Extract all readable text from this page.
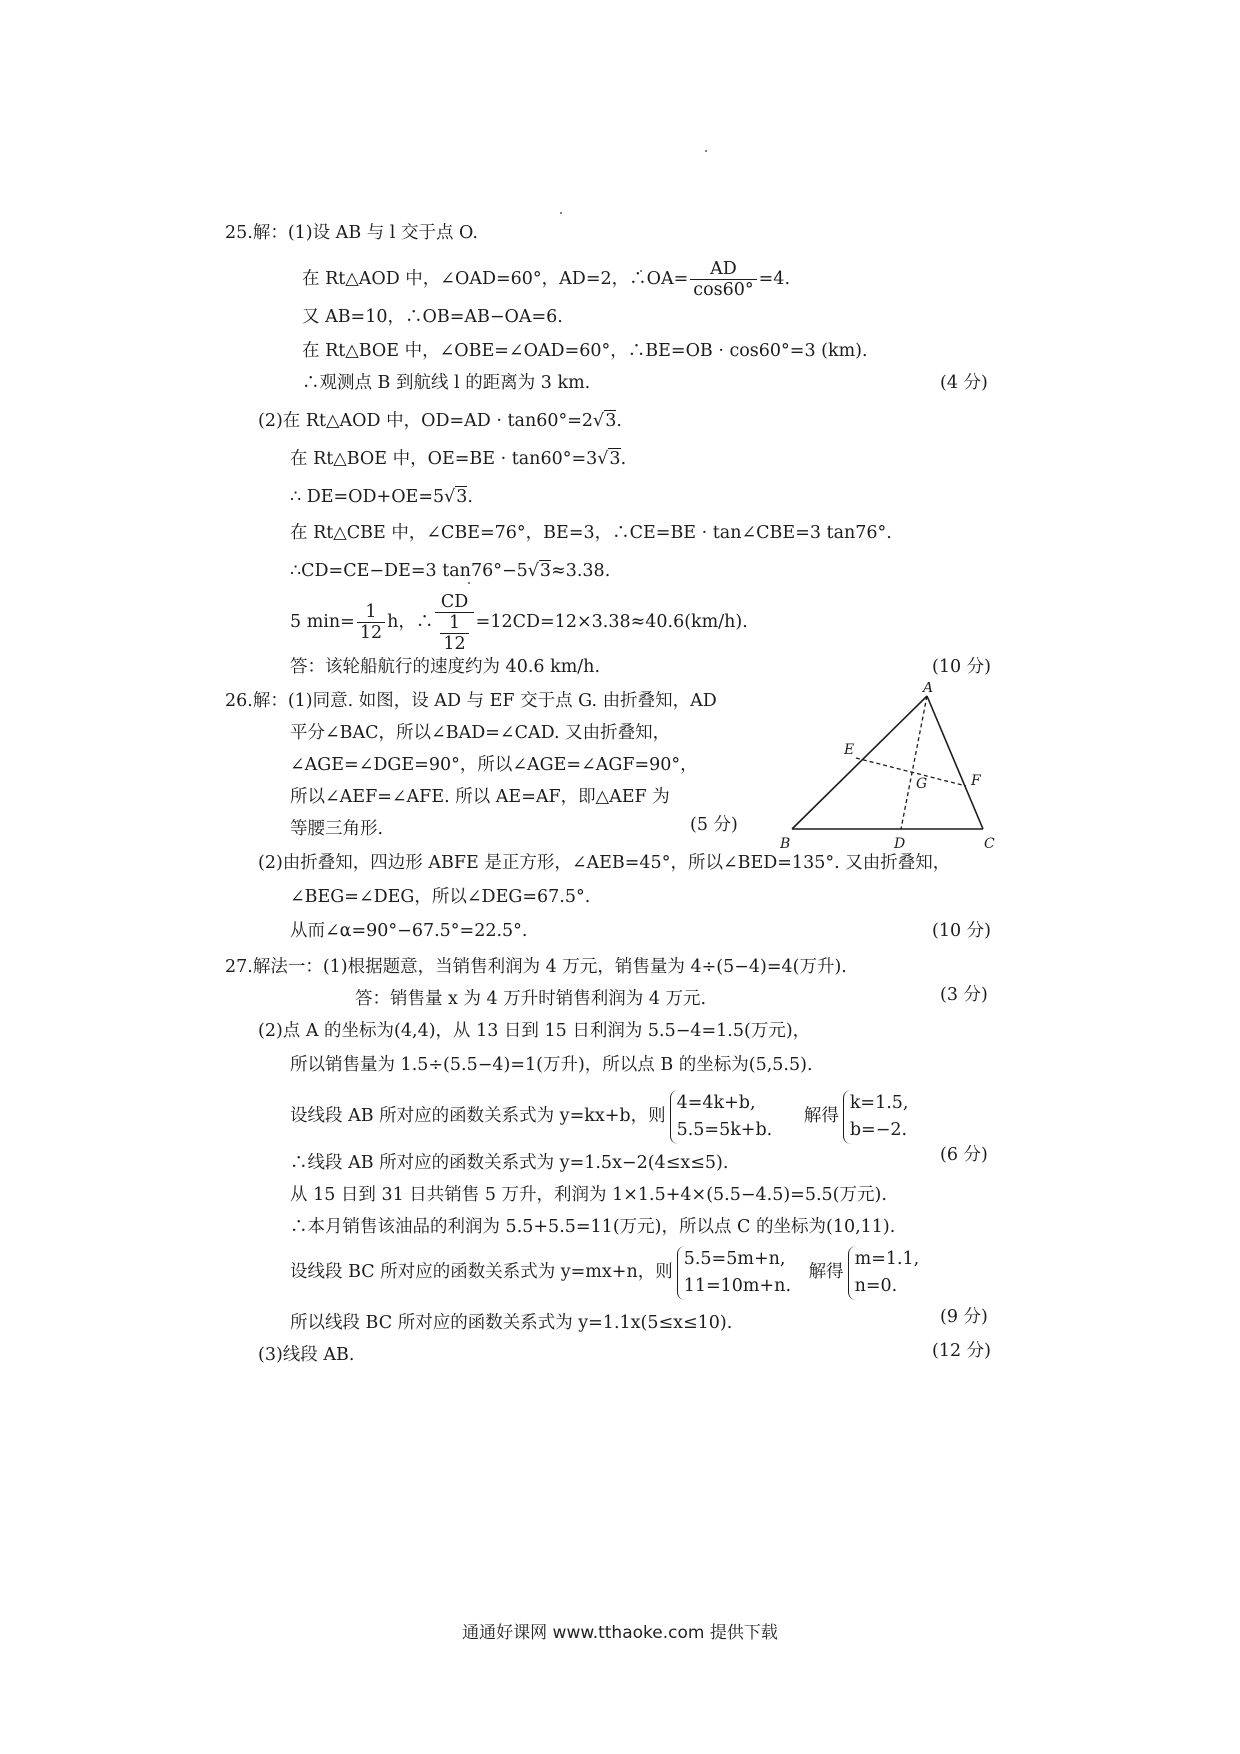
25.解：(1)设 AB 与 l 交于点 O.
在 Rt△AOD 中，∠OAD=60°，AD=2，∴OA= $\frac{AD}{\cos 60^\circ} =4$.
又 AB=10，∴OB=AB−OA=6.
在 Rt△BOE 中，∠OBE=∠OAD=60°，∴BE=OB · cos60°=3 (km).
∴观测点 B 到航线 l 的距离为 3 km.	(4 分)
(2)在 Rt△AOD 中，OD=AD · tan60°=2√3.
在 Rt△BOE 中，OE=BE · tan60°=3√3.
∴ DE=OD+OE=5√3.
在 Rt△CBE 中，∠CBE=76°，BE=3，∴CE=BE · tan∠CBE=3 tan76°.
∴CD=CE−DE=3 tan76°−5√3≈3.38.
5 $\min= \frac{1}{12}$ h，∴ $\frac{CD}{\frac{1}{12}} =12CD=12\times 3.38\approx 40.6(km/h)$.
答：该轮船航行的速度约为 40.6 km/h.	(10 分)
26.解：(1)同意. 如图，设 AD 与 EF 交于点 G. 由折叠知，AD
平分∠BAC，所以∠BAD=∠CAD. 又由折叠知，
∠AGE=∠DGE=90°，所以∠AGE=∠AGF=90°，
所以∠AEF=∠AFE. 所以 AE=AF，即△AEF 为
等腰三角形.	(5 分)
A
B	C
D
E
F
G
(2)由折叠知，四边形 ABFE 是正方形，∠AEB=45°，所以∠BED=135°. 又由折叠知，
∠BEG=∠DEG，所以∠DEG=67.5°.
从而∠α=90°−67.5°=22.5°.	(10 分)
27.解法一：(1)根据题意，当销售利润为 4 万元，销售量为 4÷(5−4)=4(万升).
答：销售量 x 为 4 万升时销售利润为 4 万元.	(3 分)
(2)点 A 的坐标为(4,4)，从 13 日到 15 日利润为 5.5−4=1.5(万元)，
所以销售量为 1.5÷(5.5−4)=1(万升)，所以点 B 的坐标为(5,5.5).
设线段 AB 所对应的函数关系式为 y=kx+b，则
4=4k+b,
5.5=5k+b.
解得
k=1.5,
b=−2.
∴线段 AB 所对应的函数关系式为 y=1.5x−2(4≤x≤5).	(6 分)
从 15 日到 31 日共销售 5 万升，利润为 1×1.5+4×(5.5−4.5)=5.5(万元).
∴本月销售该油品的利润为 5.5+5.5=11(万元)，所以点 C 的坐标为(10,11).
设线段 BC 所对应的函数关系式为 y=mx+n，则
5.5=5m+n,
11=10m+n.
解得
m=1.1,
n=0.
所以线段 BC 所对应的函数关系式为 y=1.1x(5≤x≤10).	(9 分)
(3)线段 AB.	(12 分)
通通好课网 www.tthaoke.com 提供下载
